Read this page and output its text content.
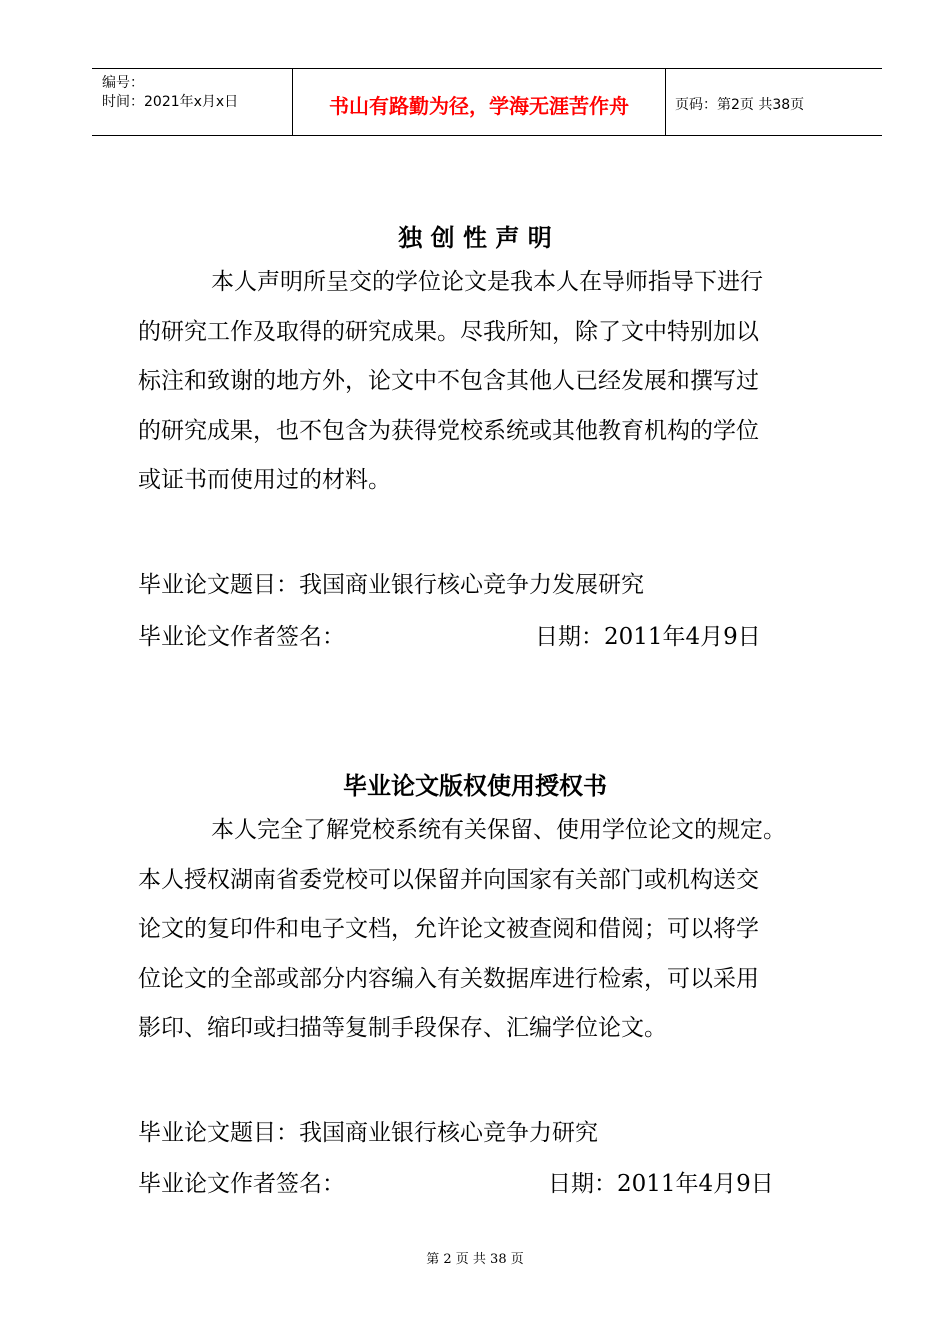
编号：
时间：2021年x月x日	书山有路勤为径，学海无涯苦作舟	页码：第2页 共38页
独 创 性 声 明
本人声明所呈交的学位论文是我本人在导师指导下进行
的研究工作及取得的研究成果。尽我所知，除了文中特别加以
标注和致谢的地方外，论文中不包含其他人已经发展和撰写过
的研究成果，也不包含为获得党校系统或其他教育机构的学位
或证书而使用过的材料。
毕业论文题目：我国商业银行核心竞争力发展研究
毕业论文作者签名：	日期：2011年4月9日
毕业论文版权使用授权书
本人完全了解党校系统有关保留、使用学位论文的规定。
本人授权湖南省委党校可以保留并向国家有关部门或机构送交
论文的复印件和电子文档，允许论文被查阅和借阅；可以将学
位论文的全部或部分内容编入有关数据库进行检索，可以采用
影印、缩印或扫描等复制手段保存、汇编学位论文。
毕业论文题目：我国商业银行核心竞争力研究
毕业论文作者签名：	日期：2011年4月9日
第 2 页 共 38 页
